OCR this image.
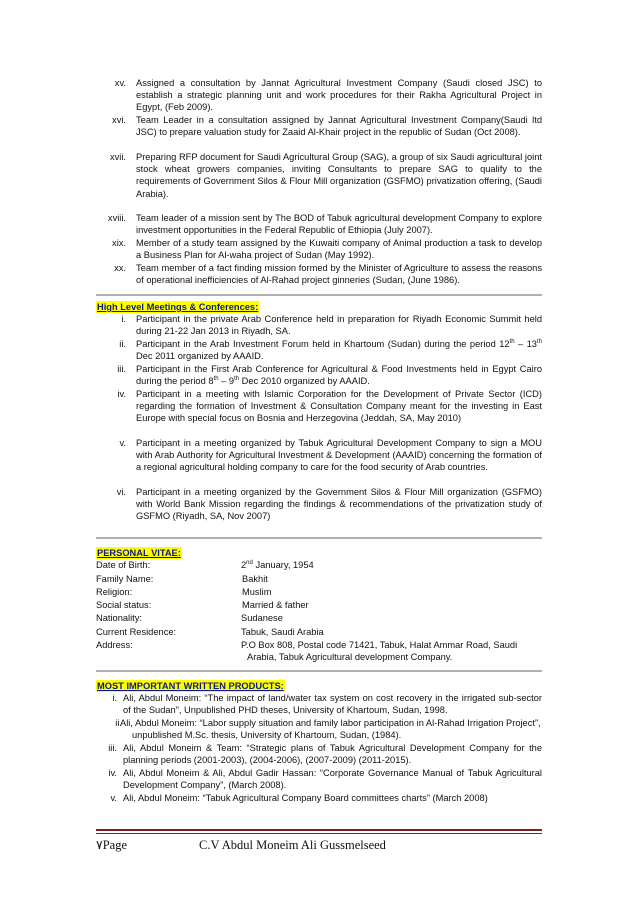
xv. Assigned a consultation by Jannat Agricultural Investment Company (Saudi closed JSC) to establish a strategic planning unit and work procedures for their Rakha Agricultural Project in Egypt, (Feb 2009).
xvi. Team Leader in a consultation assigned by Jannat Agricultural Investment Company(Saudi ltd JSC) to prepare valuation study for Zaaid Al-Khair project in the republic of Sudan (Oct 2008).
xvii. Preparing RFP document for Saudi Agricultural Group (SAG), a group of six Saudi agricultural joint stock wheat growers companies, inviting Consultants to prepare SAG to qualify to the requirements of Government Silos & Flour Mill organization (GSFMO) privatization offering, (Saudi Arabia).
xviii. Team leader of a mission sent by The BOD of Tabuk agricultural development Company to explore investment opportunities in the Federal Republic of Ethiopia (July 2007).
xix. Member of a study team assigned by the Kuwaiti company of Animal production a task to develop a Business Plan for Al-waha project of Sudan (May 1992).
xx. Team member of a fact finding mission formed by the Minister of Agriculture to assess the reasons of operational inefficiencies of Al-Rahad project ginneries (Sudan, (June 1986).
High Level Meetings & Conferences:
i. Participant in the private Arab Conference held in preparation for Riyadh Economic Summit held during 21-22 Jan 2013 in Riyadh, SA.
ii. Participant in the Arab Investment Forum held in Khartoum (Sudan) during the period 12th – 13th Dec 2011 organized by AAAID.
iii. Participant in the First Arab Conference for Agricultural & Food Investments held in Egypt Cairo during the period 8th – 9th Dec 2010 organized by AAAID.
iv. Participant in a meeting with Islamic Corporation for the Development of Private Sector (ICD) regarding the formation of Investment & Consultation Company meant for the investing in East Europe with special focus on Bosnia and Herzegovina (Jeddah, SA, May 2010)
v. Participant in a meeting organized by Tabuk Agricultural Development Company to sign a MOU with Arab Authority for Agricultural Investment & Development (AAAID) concerning the formation of a regional agricultural holding company to care for the food security of Arab countries.
vi. Participant in a meeting organized by the Government Silos & Flour Mill organization (GSFMO) with World Bank Mission regarding the findings & recommendations of the privatization study of GSFMO (Riyadh, SA, Nov 2007)
PERSONAL VITAE:
Date of Birth:	2nd January, 1954
Family Name:	Bakhit
Religion:	Muslim
Social status:	Married & father
Nationality:	Sudanese
Current Residence:	Tabuk, Saudi Arabia
Address:	P.O Box 808, Postal code 71421, Tabuk, Halat Ammar Road, Saudi
Arabia, Tabuk Agricultural development Company.
MOST IMPORTANT WRITTEN PRODUCTS:
i. Ali, Abdul Moneim: “The impact of land/water tax system on cost recovery in the irrigated sub-sector of the Sudan”, Unpublished PHD theses, University of Khartoum, Sudan, 1998.
ii.
Ali, Abdul Moneim: “Labor supply situation and family labor participation in Al-Rahad Irrigation Project”, unpublished M.Sc. thesis, University of Khartoum, Sudan, (1984).
iii. Ali, Abdul Moneim & Team: “Strategic plans of Tabuk Agricultural Development Company for the planning periods (2001-2003), (2004-2006), (2007-2009) (2011-2015).
iv. Ali, Abdul Moneim & Ali, Abdul Gadir Hassan: “Corporate Governance Manual of Tabuk Agricultural Development Company”, (March 2008).
v. Ali, Abdul Moneim: “Tabuk Agricultural Company Board committees charts” (March 2008)
٧Page	C.V Abdul Moneim Ali Gussmelseed
